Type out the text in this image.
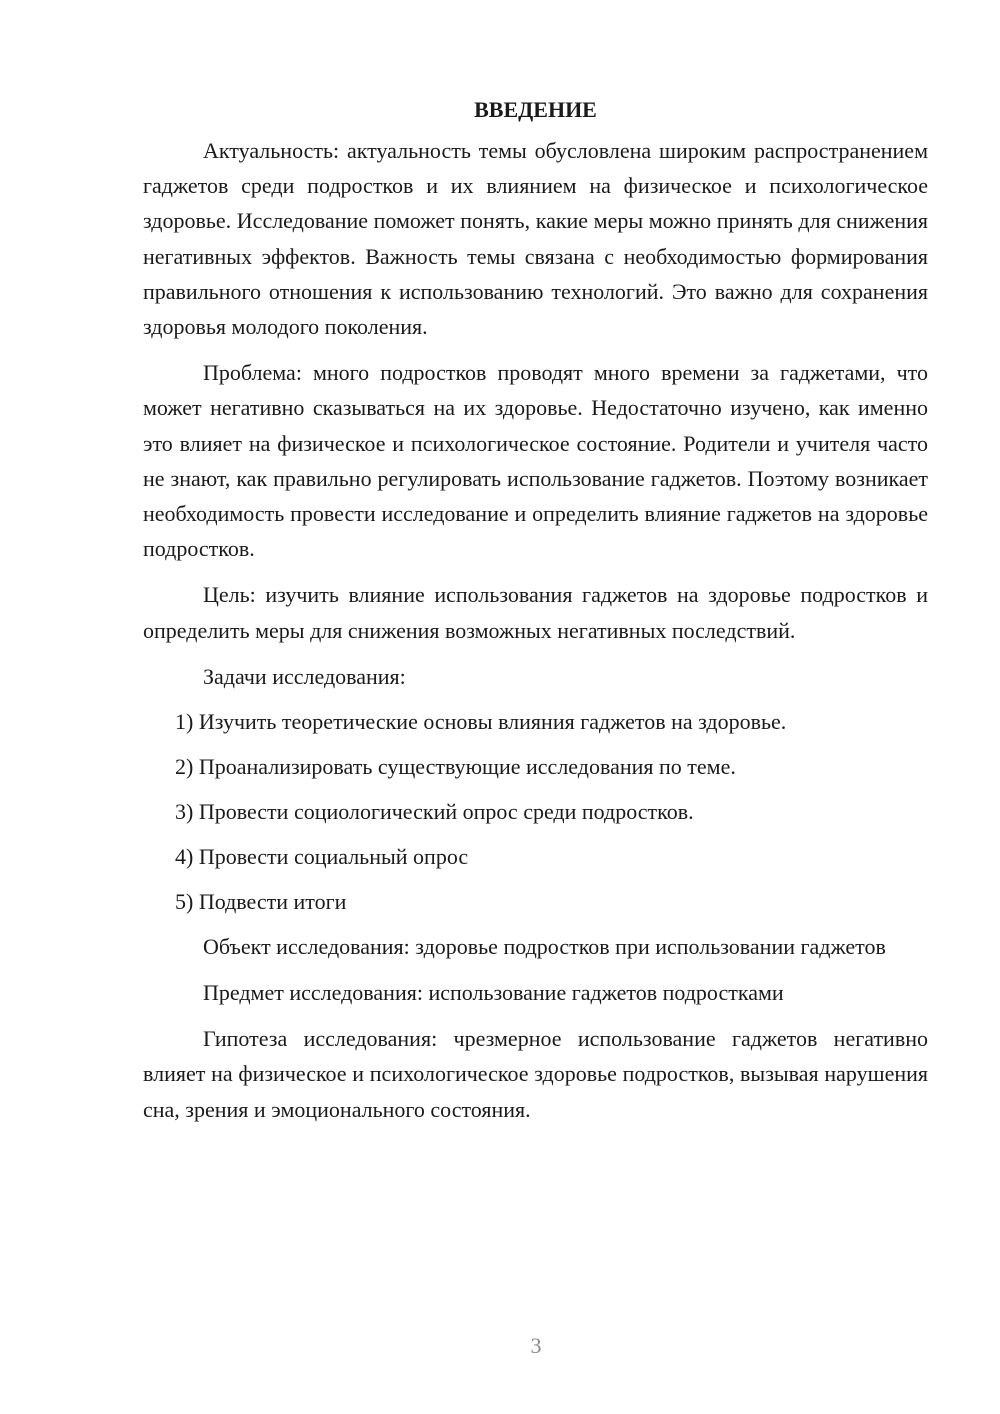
ВВЕДЕНИЕ

Актуальность: актуальность темы обусловлена широким распространением гаджетов среди подростков и их влиянием на физическое и психологическое здоровье. Исследование поможет понять, какие меры можно принять для снижения негативных эффектов. Важность темы связана с необходимостью формирования правильного отношения к использованию технологий. Это важно для сохранения здоровья молодого поколения.

Проблема: много подростков проводят много времени за гаджетами, что может негативно сказываться на их здоровье. Недостаточно изучено, как именно это влияет на физическое и психологическое состояние. Родители и учителя часто не знают, как правильно регулировать использование гаджетов. Поэтому возникает необходимость провести исследование и определить влияние гаджетов на здоровье подростков.

Цель: изучить влияние использования гаджетов на здоровье подростков и определить меры для снижения возможных негативных последствий.

Задачи исследования:
1) Изучить теоретические основы влияния гаджетов на здоровье.
2) Проанализировать существующие исследования по теме.
3) Провести социологический опрос среди подростков.
4) Провести социальный опрос
5) Подвести итоги

Объект исследования: здоровье подростков при использовании гаджетов

Предмет исследования: использование гаджетов подростками

Гипотеза исследования: чрезмерное использование гаджетов негативно влияет на физическое и психологическое здоровье подростков, вызывая нарушения сна, зрения и эмоционального состояния.

3
